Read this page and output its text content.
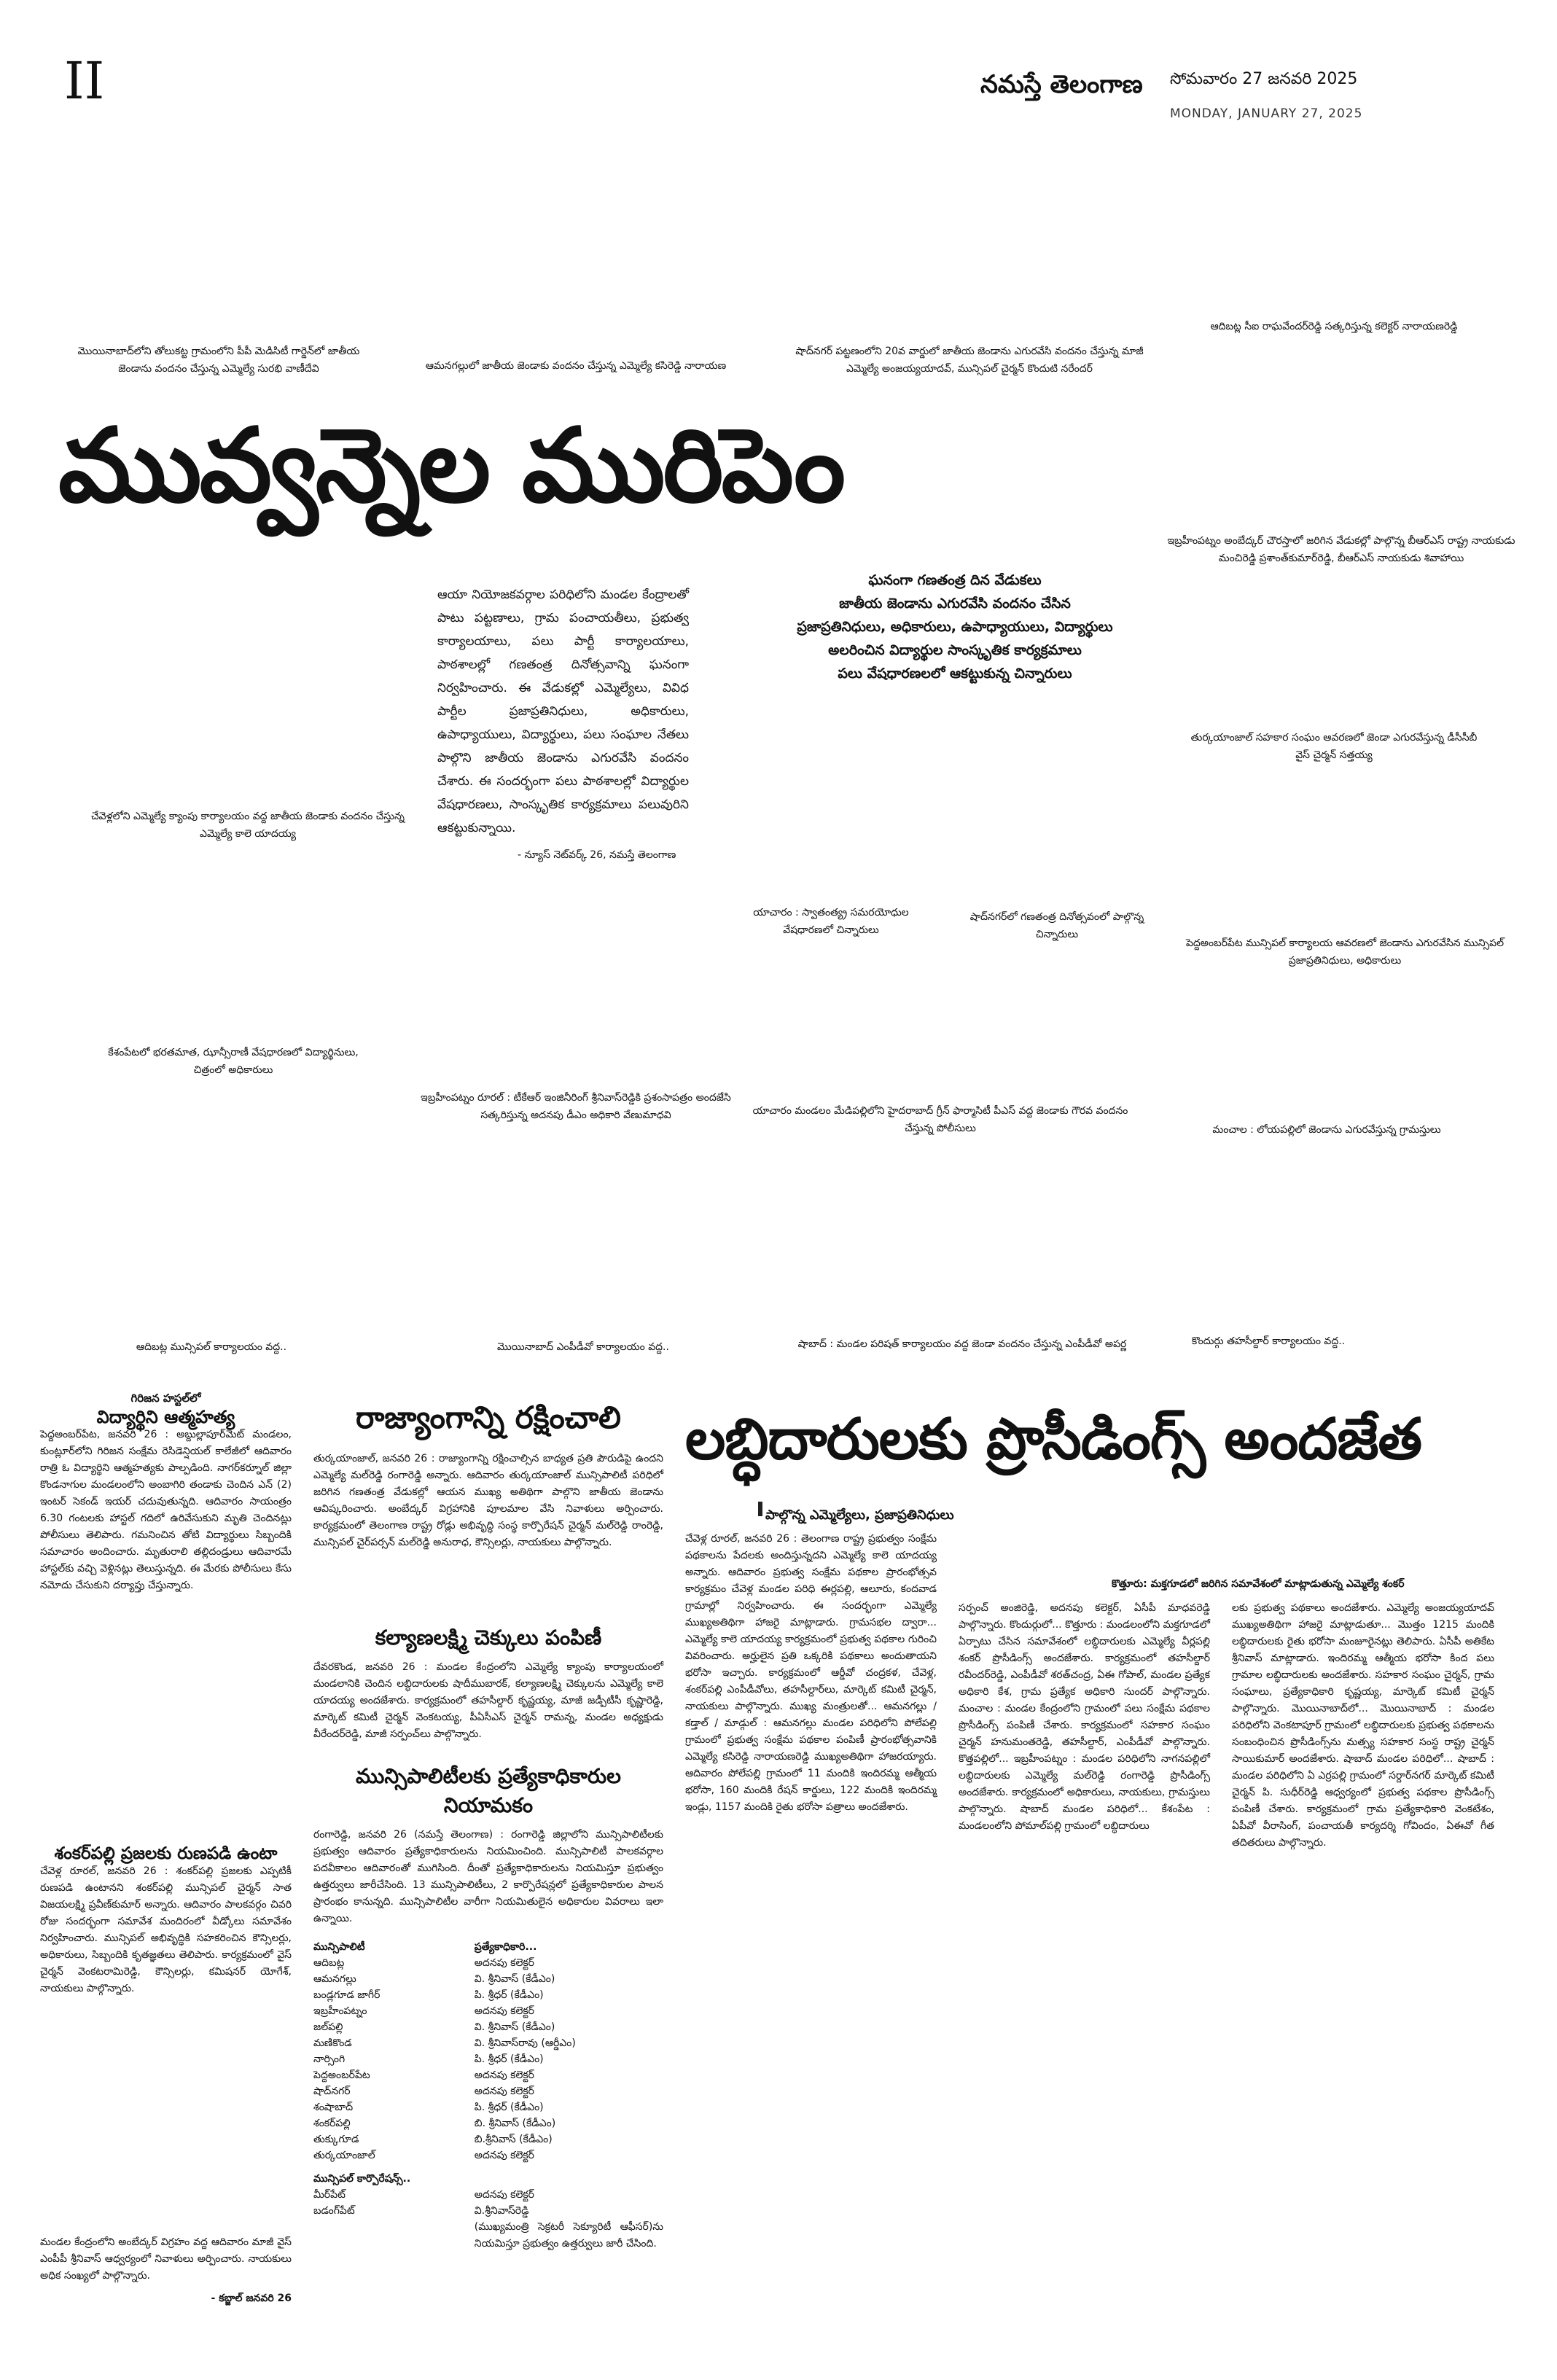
II	నమస్తే తెలంగాణ సోమవారం 27 జనవరి 2025
MONDAY, JANUARY 27, 2025
మొయినాబాద్‌లోని తోలుకట్ట గ్రామంలోని పీపీ మెడిసిటీ గార్డెన్‌లో జాతీయ జెండాను వందనం చేస్తున్న ఎమ్మెల్యే సురభి వాణీదేవి	ఆమనగల్లులో జాతీయ జెండాకు వందనం చేస్తున్న ఎమ్మెల్యే కసిరెడ్డి నారాయణ
షాద్‌నగర్ పట్టణంలోని 20వ వార్డులో జాతీయ జెండాను ఎగురవేసి వందనం చేస్తున్న మాజీ ఎమ్మెల్యే అంజయ్యయాదవ్, మున్సిపల్ చైర్మన్ కొందుటి నరేందర్
ఆదిబట్ల సీఐ రాఘవేందర్‌రెడ్డి సత్కరిస్తున్న కలెక్టర్ నారాయణరెడ్డి
ఇబ్రహీంపట్నం అంబేద్కర్ చౌరస్తాలో జరిగిన వేడుకల్లో పాల్గొన్న బీఆర్ఎస్ రాష్ట్ర నాయకుడు మంచిరెడ్డి ప్రశాంత్‌కుమార్‌రెడ్డి, బీఆర్ఎస్ నాయకుడు శివాహాయి
తుర్కయాంజాల్ సహకార సంఘం ఆవరణలో జెండా ఎగురవేస్తున్న డీసీసీబీ వైస్ చైర్మన్ సత్తయ్య
చేవెళ్లలోని ఎమ్మెల్యే క్యాంపు కార్యాలయం వద్ద జాతీయ జెండాకు వందనం చేస్తున్న ఎమ్మెల్యే కాలె యాదయ్య
యాచారం : స్వాతంత్య్ర సమరయోధుల వేషధారణలో చిన్నారులు
షాద్‌నగర్‌లో గణతంత్ర దినోత్సవంలో పాల్గొన్న చిన్నారులు
పెద్దఅంబర్‌పేట మున్సిపల్ కార్యాలయ ఆవరణలో జెండాను ఎగురవేసిన మున్సిపల్ ప్రజాప్రతినిధులు, అధికారులు
కేశంపేటలో భరతమాత, ఝాన్సీరాణీ వేషధారణలో విద్యార్థినులు, చిత్రంలో అధికారులు
ఇబ్రహీంపట్నం రూరల్ : టీకేఆర్ ఇంజినీరింగ్ శ్రీనివాస్‌రెడ్డికి ప్రశంసాపత్రం అందజేసి సత్కరిస్తున్న అదనపు డీఎం అధికారి వేణుమాధవి	యాచారం మండలం మేడిపల్లిలోని హైదరాబాద్ గ్రీన్ ఫార్మాసిటీ పీఎస్ వద్ద జెండాకు గౌరవ వందనం చేస్తున్న పోలీసులు	మంచాల : లోయపల్లిలో జెండాను ఎగురవేస్తున్న గ్రామస్తులు
ఆదిబట్ల మున్సిపల్ కార్యాలయం వద్ద..	మొయినాబాద్ ఎంపీడీవో కార్యాలయం వద్ద..	షాబాద్ : మండల పరిషత్ కార్యాలయం వద్ద జెండా వందనం చేస్తున్న ఎంపీడీవో అపర్ణ	కొందుర్గు తహసీల్దార్ కార్యాలయం వద్ద..
మువ్వన్నెల మురిపెం
ఆయా నియోజకవర్గాల పరిధిలోని మండల కేంద్రాలతో పాటు పట్టణాలు, గ్రామ పంచాయతీలు, ప్రభుత్వ కార్యాలయాలు, పలు పార్టీ కార్యాలయాలు, పాఠశాలల్లో గణతంత్ర దినోత్సవాన్ని ఘనంగా నిర్వహించారు. ఈ వేడుకల్లో ఎమ్మెల్యేలు, వివిధ పార్టీల ప్రజాప్రతినిధులు, అధికారులు, ఉపాధ్యాయులు, విద్యార్థులు, పలు సంఘాల నేతలు పాల్గొని జాతీయ జెండాను ఎగురవేసి వందనం చేశారు. ఈ సందర్భంగా పలు పాఠశాలల్లో విద్యార్థుల వేషధారణలు, సాంస్కృతిక కార్యక్రమాలు పలువురిని ఆకట్టుకున్నాయి.
- న్యూస్ నెట్‌వర్క్ 26, నమస్తే తెలంగాణ
ఘనంగా గణతంత్ర దిన వేడుకలు
జాతీయ జెండాను ఎగురవేసి వందనం చేసిన
ప్రజాప్రతినిధులు, అధికారులు, ఉపాధ్యాయులు, విద్యార్థులు
అలరించిన విద్యార్థుల సాంస్కృతిక కార్యక్రమాలు
పలు వేషధారణలలో ఆకట్టుకున్న చిన్నారులు
గిరిజన హస్టల్‌లో
విద్యార్థిని ఆత్మహత్య
పెద్దఅంబర్‌పేట, జనవరి 26 : అబ్దుల్లాపూర్‌మెట్ మండలం, కుంట్లూర్‌లోని గిరిజన సంక్షేమ రెసిడెన్షియల్ కాలేజీలో ఆదివారం రాత్రి ఓ విద్యార్థిని ఆత్మహత్యకు పాల్పడింది. నాగర్‌కర్నూల్ జిల్లా కొండనాగుల మండలంలోని అంబాగిరి తండాకు చెందిన ఎన్ (2) ఇంటర్ సెకండ్ ఇయర్ చదువుతున్నది. ఆదివారం సాయంత్రం 6.30 గంటలకు హాస్టల్ గదిలో ఉరివేసుకుని మృతి చెందినట్లు పోలీసులు తెలిపారు. గమనించిన తోటి విద్యార్థులు సిబ్బందికి సమాచారం అందించారు. మృతురాలి తల్లిదండ్రులు ఆదివారమే హాస్టల్‌కు వచ్చి వెళ్లినట్లు తెలుస్తున్నది. ఈ మేరకు పోలీసులు కేసు నమోదు చేసుకుని దర్యాప్తు చేస్తున్నారు.
శంకర్‌పల్లి ప్రజలకు రుణపడి ఉంటా
చేవెళ్ల రూరల్, జనవరి 26 : శంకర్‌పల్లి ప్రజలకు ఎప్పటికీ రుణపడి ఉంటానని శంకర్‌పల్లి మున్సిపల్ చైర్మన్ సాత విజయలక్ష్మి ప్రవీణ్‌కుమార్ అన్నారు. ఆదివారం పాలకవర్గం చివరి రోజు సందర్భంగా సమావేశ మందిరంలో వీడ్కోలు సమావేశం నిర్వహించారు. మున్సిపల్ అభివృద్ధికి సహకరించిన కౌన్సిలర్లు, అధికారులు, సిబ్బందికి కృతజ్ఞతలు తెలిపారు. కార్యక్రమంలో వైస్ చైర్మన్ వెంకటరామిరెడ్డి, కౌన్సిలర్లు, కమిషనర్ యోగేశ్, నాయకులు పాల్గొన్నారు.
మండల కేంద్రంలోని అంబేద్కర్ విగ్రహం వద్ద ఆదివారం మాజీ వైస్ ఎంపీపీ శ్రీనివాస్ ఆధ్వర్యంలో నివాళులు అర్పించారు. నాయకులు అధిక సంఖ్యలో పాల్గొన్నారు.
- కబ్జాల్ జనవరి 26
రాజ్యాంగాన్ని రక్షించాలి
తుర్కయాంజాల్, జనవరి 26 : రాజ్యాంగాన్ని రక్షించాల్సిన బాధ్యత ప్రతి పౌరుడిపై ఉందని ఎమ్మెల్యే మల్‌రెడ్డి రంగారెడ్డి అన్నారు. ఆదివారం తుర్కయాంజాల్ మున్సిపాలిటీ పరిధిలో జరిగిన గణతంత్ర వేడుకల్లో ఆయన ముఖ్య అతిథిగా పాల్గొని జాతీయ జెండాను ఆవిష్కరించారు. అంబేద్కర్ విగ్రహానికి పూలమాల వేసి నివాళులు అర్పించారు. కార్యక్రమంలో తెలంగాణ రాష్ట్ర రోడ్లు అభివృద్ధి సంస్థ కార్పొరేషన్ చైర్మన్ మల్‌రెడ్డి రాంరెడ్డి, మున్సిపల్ చైర్‌పర్సన్ మల్‌రెడ్డి అనురాధ, కౌన్సిలర్లు, నాయకులు పాల్గొన్నారు.
కల్యాణలక్ష్మి చెక్కులు పంపిణీ
దేవరకొండ, జనవరి 26 : మండల కేంద్రంలోని ఎమ్మెల్యే క్యాంపు కార్యాలయంలో మండలానికి చెందిన లబ్ధిదారులకు షాదీముబారక్, కల్యాణలక్ష్మి చెక్కులను ఎమ్మెల్యే కాలె యాదయ్య అందజేశారు. కార్యక్రమంలో తహసీల్దార్ కృష్ణయ్య, మాజీ జడ్పీటీసీ కృష్ణారెడ్డి, మార్కెట్ కమిటీ చైర్మన్ వెంకటయ్య, పీఏసీఎస్ చైర్మన్ రామన్న, మండల అధ్యక్షుడు వీరేందర్‌రెడ్డి, మాజీ సర్పంచ్‌లు పాల్గొన్నారు.
మున్సిపాలిటీలకు ప్రత్యేకాధికారుల నియామకం
రంగారెడ్డి, జనవరి 26 (నమస్తే తెలంగాణ) : రంగారెడ్డి జిల్లాలోని మున్సిపాలిటీలకు ప్రభుత్వం ఆదివారం ప్రత్యేకాధికారులను నియమించింది. మున్సిపాలిటీ పాలకవర్గాల పదవీకాలం ఆదివారంతో ముగిసింది. దీంతో ప్రత్యేకాధికారులను నియమిస్తూ ప్రభుత్వం ఉత్తర్వులు జారీచేసింది. 13 మున్సిపాలిటీలు, 2 కార్పొరేషన్లలో ప్రత్యేకాధికారుల పాలన ప్రారంభం కానున్నది. మున్సిపాలిటీల వారీగా నియమితులైన అధికారుల వివరాలు ఇలా ఉన్నాయి.
మున్సిపాలిటీ	ప్రత్యేకాధికారి...
ఆదిబట్ల	అదనపు కలెక్టర్
ఆమనగల్లు	వి. శ్రీనివాస్ (కేడీఎం)
బండ్లగూడ జాగీర్	పి. శ్రీధర్ (కేడీఎం)
ఇబ్రహీంపట్నం	అదనపు కలెక్టర్
జల్‌పల్లి	వి. శ్రీనివాస్ (కేడీఎం)
మణికొండ	వి. శ్రీనివాస్‌రావు (ఆర్డీఎం)
నార్సింగి	పి. శ్రీధర్ (కేడీఎం)
పెద్దఅంబర్‌పేట	అదనపు కలెక్టర్
షాద్‌నగర్	అదనపు కలెక్టర్
శంషాబాద్	పి. శ్రీధర్ (కేడీఎం)
శంకర్‌పల్లి	బి. శ్రీనివాస్ (కేడీఎం)
తుక్కుగూడ	బి.శ్రీనివాస్ (కేడీఎం)
తుర్కయాంజాల్	అదనపు కలెక్టర్
మున్సిపల్ కార్పొరేషన్స్..	
మీర్‌పేట్	అదనపు కలెక్టర్
బడంగ్‌పేట్	వి.శ్రీనివాస్‌రెడ్డి
(ముఖ్యమంత్రి సెక్రటరీ సెక్యూరిటీ ఆఫీసర్)ను నియమిస్తూ ప్రభుత్వం ఉత్తర్వులు జారీ చేసింది.
లబ్ధిదారులకు ప్రొసీడింగ్స్ అందజేత
పాల్గొన్న ఎమ్మెల్యేలు, ప్రజాప్రతినిధులు
కొత్తూరు: మక్తగూడలో జరిగిన సమావేశంలో మాట్లాడుతున్న ఎమ్మెల్యే శంకర్
చేవెళ్ల రూరల్, జనవరి 26 : తెలంగాణ రాష్ట్ర ప్రభుత్వం సంక్షేమ పథకాలను పేదలకు అందిస్తున్నదని ఎమ్మెల్యే కాలె యాదయ్య అన్నారు. ఆదివారం ప్రభుత్వ సంక్షేమ పథకాల ప్రారంభోత్సవ కార్యక్రమం చేవెళ్ల మండల పరిధి ఈర్లపల్లి, ఆలూరు, కందవాడ గ్రామాల్లో నిర్వహించారు. ఈ సందర్భంగా ఎమ్మెల్యే ముఖ్యఅతిథిగా హాజరై మాట్లాడారు. గ్రామసభల ద్వారా... ఎమ్మెల్యే కాలె యాదయ్య కార్యక్రమంలో ప్రభుత్వ పథకాల గురించి వివరించారు. అర్హులైన ప్రతి ఒక్కరికి పథకాలు అందుతాయని భరోసా ఇచ్చారు. కార్యక్రమంలో ఆర్డీవో చంద్రకళ, చేవెళ్ల, శంకర్‌పల్లి ఎంపీడీవోలు, తహసీల్దార్‌లు, మార్కెట్ కమిటీ చైర్మన్, నాయకులు పాల్గొన్నారు. ముఖ్య మంత్రులతో... ఆమనగల్లు / కడ్తాల్ / మాడ్గుల్ : ఆమనగల్లు మండల పరిధిలోని పోలేపల్లి గ్రామంలో ప్రభుత్వ సంక్షేమ పథకాల పంపిణీ ప్రారంభోత్సవానికి ఎమ్మెల్యే కసిరెడ్డి నారాయణరెడ్డి ముఖ్యఅతిథిగా హాజరయ్యారు. ఆదివారం పోలేపల్లి గ్రామంలో 11 మందికి ఇందిరమ్మ ఆత్మీయ భరోసా, 160 మందికి రేషన్ కార్డులు, 122 మందికి ఇందిరమ్మ ఇండ్లు, 1157 మందికి రైతు భరోసా పత్రాలు అందజేశారు.
సర్పంచ్ అంజిరెడ్డి, అదనపు కలెక్టర్, ఏసీపీ మాధవరెడ్డి పాల్గొన్నారు. కొందుర్గులో... కొత్తూరు : మండలంలోని మక్తగూడలో ఏర్పాటు చేసిన సమావేశంలో లబ్ధిదారులకు ఎమ్మెల్యే వీర్లపల్లి శంకర్ ప్రొసీడింగ్స్ అందజేశారు. కార్యక్రమంలో తహసీల్దార్ రవీందర్‌రెడ్డి, ఎంపీడీవో శరత్‌చంద్ర, ఏఈ గోపాల్, మండల ప్రత్యేక అధికారి కేశ, గ్రామ ప్రత్యేక అధికారి సుందర్ పాల్గొన్నారు. మంచాల : మండల కేంద్రంలోని గ్రామంలో పలు సంక్షేమ పథకాల ప్రొసీడింగ్స్ పంపిణీ చేశారు. కార్యక్రమంలో సహకార సంఘం చైర్మన్ హనుమంతరెడ్డి, తహసీల్దార్, ఎంపీడీవో పాల్గొన్నారు. కొత్తపల్లిలో... ఇబ్రహీంపట్నం : మండల పరిధిలోని నాగనపల్లిలో లబ్ధిదారులకు ఎమ్మెల్యే మల్‌రెడ్డి రంగారెడ్డి ప్రొసీడింగ్స్ అందజేశారు. కార్యక్రమంలో అధికారులు, నాయకులు, గ్రామస్తులు పాల్గొన్నారు. షాబాద్ మండల పరిధిలో... కేశంపేట : మండలంలోని పోమాల్‌పల్లి గ్రామంలో లబ్ధిదారులు
లకు ప్రభుత్వ పథకాలు అందజేశారు. ఎమ్మెల్యే అంజయ్యయాదవ్ ముఖ్యఅతిథిగా హాజరై మాట్లాడుతూ... మొత్తం 1215 మందికి లబ్ధిదారులకు రైతు భరోసా మంజూరైనట్లు తెలిపారు. ఏసీపీ అతికేట శ్రీనివాస్ మాట్లాడారు. ఇందిరమ్మ ఆత్మీయ భరోసా కింద పలు గ్రామాల లబ్ధిదారులకు అందజేశారు. సహకార సంఘం చైర్మన్, గ్రామ సంఘాలు, ప్రత్యేకాధికారి కృష్ణయ్య, మార్కెట్ కమిటీ చైర్మన్ పాల్గొన్నారు. మొయినాబాద్‌లో... మొయినాబాద్ : మండల పరిధిలోని వెంకటాపూర్ గ్రామంలో లబ్ధిదారులకు ప్రభుత్వ పథకాలను సంబంధించిన ప్రొసీడింగ్స్‌ను మత్స్య సహకార సంస్థ రాష్ట్ర చైర్మన్ సాయికుమార్ అందజేశారు. షాబాద్ మండల పరిధిలో... షాబాద్ : మండల పరిధిలోని ఏ ఎర్రపల్లి గ్రామంలో సర్దార్‌నగర్ మార్కెట్ కమిటీ చైర్మన్ పి. సుధీర్‌రెడ్డి ఆధ్వర్యంలో ప్రభుత్వ పథకాల ప్రొసీడింగ్స్ పంపిణీ చేశారు. కార్యక్రమంలో గ్రామ ప్రత్యేకాధికారి వెంకటేశం, ఏపీవో వీరాసింగ్, పంచాయతీ కార్యదర్శి గోవిందం, ఏఈవో గీత తదితరులు పాల్గొన్నారు.
